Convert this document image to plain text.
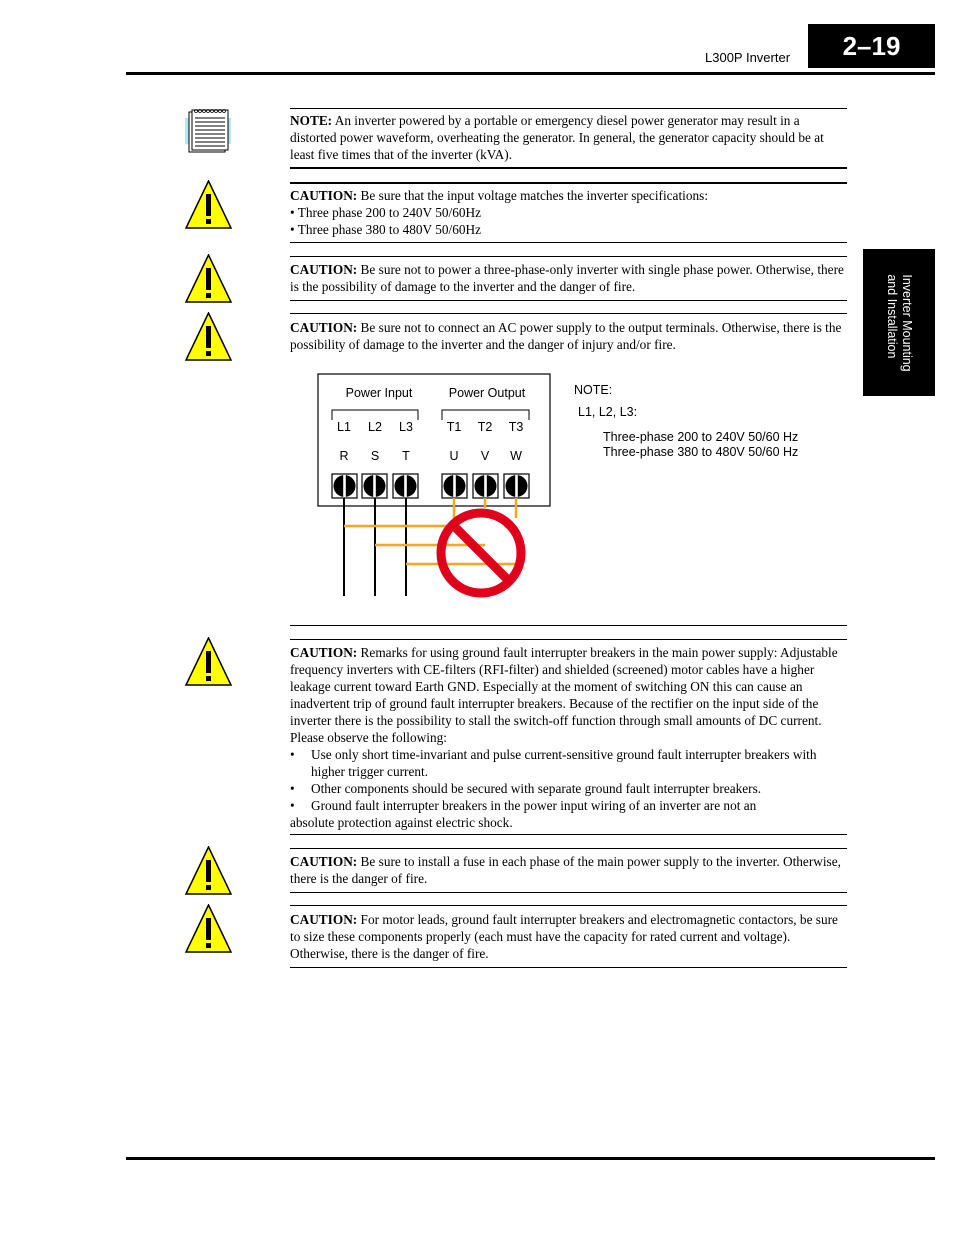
L300P Inverter	2–19
Inverter Mounting
and Installation
NOTE: An inverter powered by a portable or emergency diesel power generator may result in a distorted power waveform, overheating the generator. In general, the generator capacity should be at least five times that of the inverter (kVA).
CAUTION: Be sure that the input voltage matches the inverter specifications:
• Three phase 200 to 240V 50/60Hz
• Three phase 380 to 480V 50/60Hz
CAUTION: Be sure not to power a three-phase-only inverter with single phase power. Otherwise, there is the possibility of damage to the inverter and the danger of fire.
CAUTION: Be sure not to connect an AC power supply to the output terminals. Otherwise, there is the possibility of damage to the inverter and the danger of injury and/or fire.
Power Input	Power Output
L1 L2 L3	T1 T2 T3
R S T	U V W
NOTE:
L1, L2, L3:
Three-phase 200 to 240V 50/60 Hz
Three-phase 380 to 480V 50/60 Hz
CAUTION: Remarks for using ground fault interrupter breakers in the main power supply: Adjustable frequency inverters with CE-filters (RFI-filter) and shielded (screened) motor cables have a higher leakage current toward Earth GND. Especially at the moment of switching ON this can cause an inadvertent trip of ground fault interrupter breakers. Because of the rectifier on the input side of the inverter there is the possibility to stall the switch-off function through small amounts of DC current. Please observe the following:
• Use only short time-invariant and pulse current-sensitive ground fault interrupter breakers with higher trigger current.
• Other components should be secured with separate ground fault interrupter breakers.
• Ground fault interrupter breakers in the power input wiring of an inverter are not an
absolute protection against electric shock.
CAUTION: Be sure to install a fuse in each phase of the main power supply to the inverter. Otherwise, there is the danger of fire.
CAUTION: For motor leads, ground fault interrupter breakers and electromagnetic contactors, be sure to size these components properly (each must have the capacity for rated current and voltage). Otherwise, there is the danger of fire.
